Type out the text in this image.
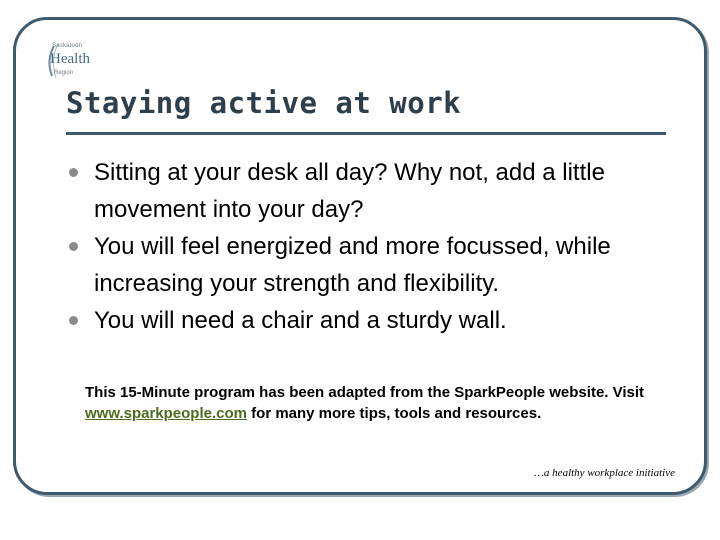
Saskatoon
Health
Region
Staying active at work
Sitting at your desk all day? Why not, add a little movement into your day?
You will feel energized and more focussed, while increasing your strength and flexibility.
You will need a chair and a sturdy wall.

This 15-Minute program has been adapted from the SparkPeople website. Visit www.sparkpeople.com for many more tips, tools and resources.

…a healthy workplace initiative
